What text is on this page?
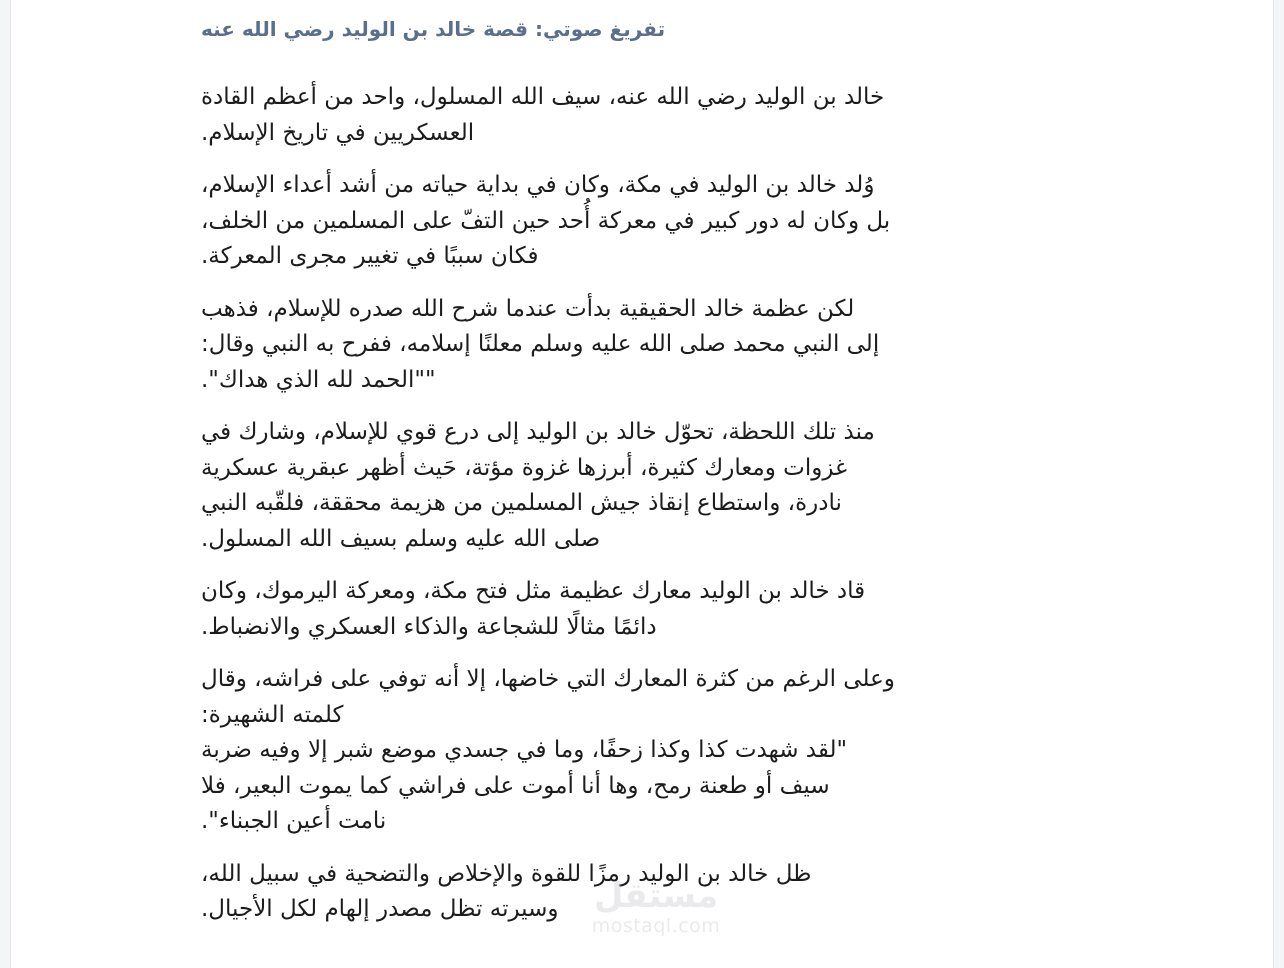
تفريغ صوتي: قصة خالد بن الوليد رضي الله عنه

خالد بن الوليد رضي الله عنه، سيف الله المسلول، واحد من أعظم القادة
العسكريين في تاريخ الإسلام.

وُلد خالد بن الوليد في مكة، وكان في بداية حياته من أشد أعداء الإسلام،
بل وكان له دور كبير في معركة أُحد حين التفّ على المسلمين من الخلف،
فكان سببًا في تغيير مجرى المعركة.

لكن عظمة خالد الحقيقية بدأت عندما شرح الله صدره للإسلام، فذهب
إلى النبي محمد صلى الله عليه وسلم معلنًا إسلامه، ففرح به النبي وقال:
""الحمد لله الذي هداك".

منذ تلك اللحظة، تحوّل خالد بن الوليد إلى درع قوي للإسلام، وشارك في
غزوات ومعارك كثيرة، أبرزها غزوة مؤتة، حَيث أظهر عبقرية عسكرية
نادرة، واستطاع إنقاذ جيش المسلمين من هزيمة محققة، فلقّبه النبي
صلى الله عليه وسلم بسيف الله المسلول.

قاد خالد بن الوليد معارك عظيمة مثل فتح مكة، ومعركة اليرموك، وكان
دائمًا مثالًا للشجاعة والذكاء العسكري والانضباط.

وعلى الرغم من كثرة المعارك التي خاضها، إلا أنه توفي على فراشه، وقال
كلمته الشهيرة:
"لقد شهدت كذا وكذا زحفًا، وما في جسدي موضع شبر إلا وفيه ضربة
سيف أو طعنة رمح، وها أنا أموت على فراشي كما يموت البعير، فلا
نامت أعين الجبناء".

ظل خالد بن الوليد رمزًا للقوة والإخلاص والتضحية في سبيل الله،
وسيرته تظل مصدر إلهام لكل الأجيال.	مستقل
mostaql.com
